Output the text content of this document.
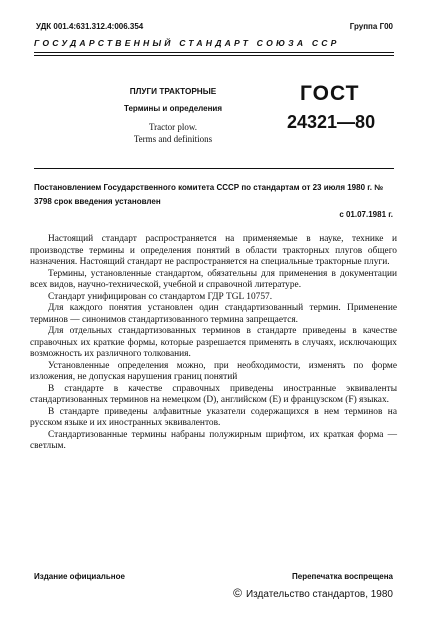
УДК 001.4:631.312.4:006.354	Группа Г00
ГОСУДАРСТВЕННЫЙ СТАНДАРТ СОЮЗА ССР
ПЛУГИ ТРАКТОРНЫЕ
Термины и определения
Tractor plow.
Terms and definitions
ГОСТ
24321—80
Постановлением Государственного комитета СССР по стандартам от 23 июля 1980 г. № 3798 срок введения установлен
с 01.07.1981 г.

Настоящий стандарт распространяется на применяемые в науке, технике и производстве термины и определения понятий в области тракторных плугов общего назначения. Настоящий стандарт не распространяется на специальные тракторные плуги.

Термины, установленные стандартом, обязательны для применения в документации всех видов, научно-технической, учебной и справочной литературе.

Стандарт унифицирован со стандартом ГДР TGL 10757.

Для каждого понятия установлен один стандартизованный термин. Применение терминов — синонимов стандартизованного термина запрещается.

Для отдельных стандартизованных терминов в стандарте приведены в качестве справочных их краткие формы, которые разрешается применять в случаях, исключающих возможность их различного толкования.

Установленные определения можно, при необходимости, изменять по форме изложения, не допуская нарушения границ понятий

В стандарте в качестве справочных приведены иностранные эквиваленты стандартизованных терминов на немецком (D), английском (E) и французском (F) языках.

В стандарте приведены алфавитные указатели содержащихся в нем терминов на русском языке и их иностранных эквивалентов.

Стандартизованные термины набраны полужирным шрифтом, их краткая форма — светлым.

Издание официальное	Перепечатка воспрещена
© Издательство стандартов, 1980
